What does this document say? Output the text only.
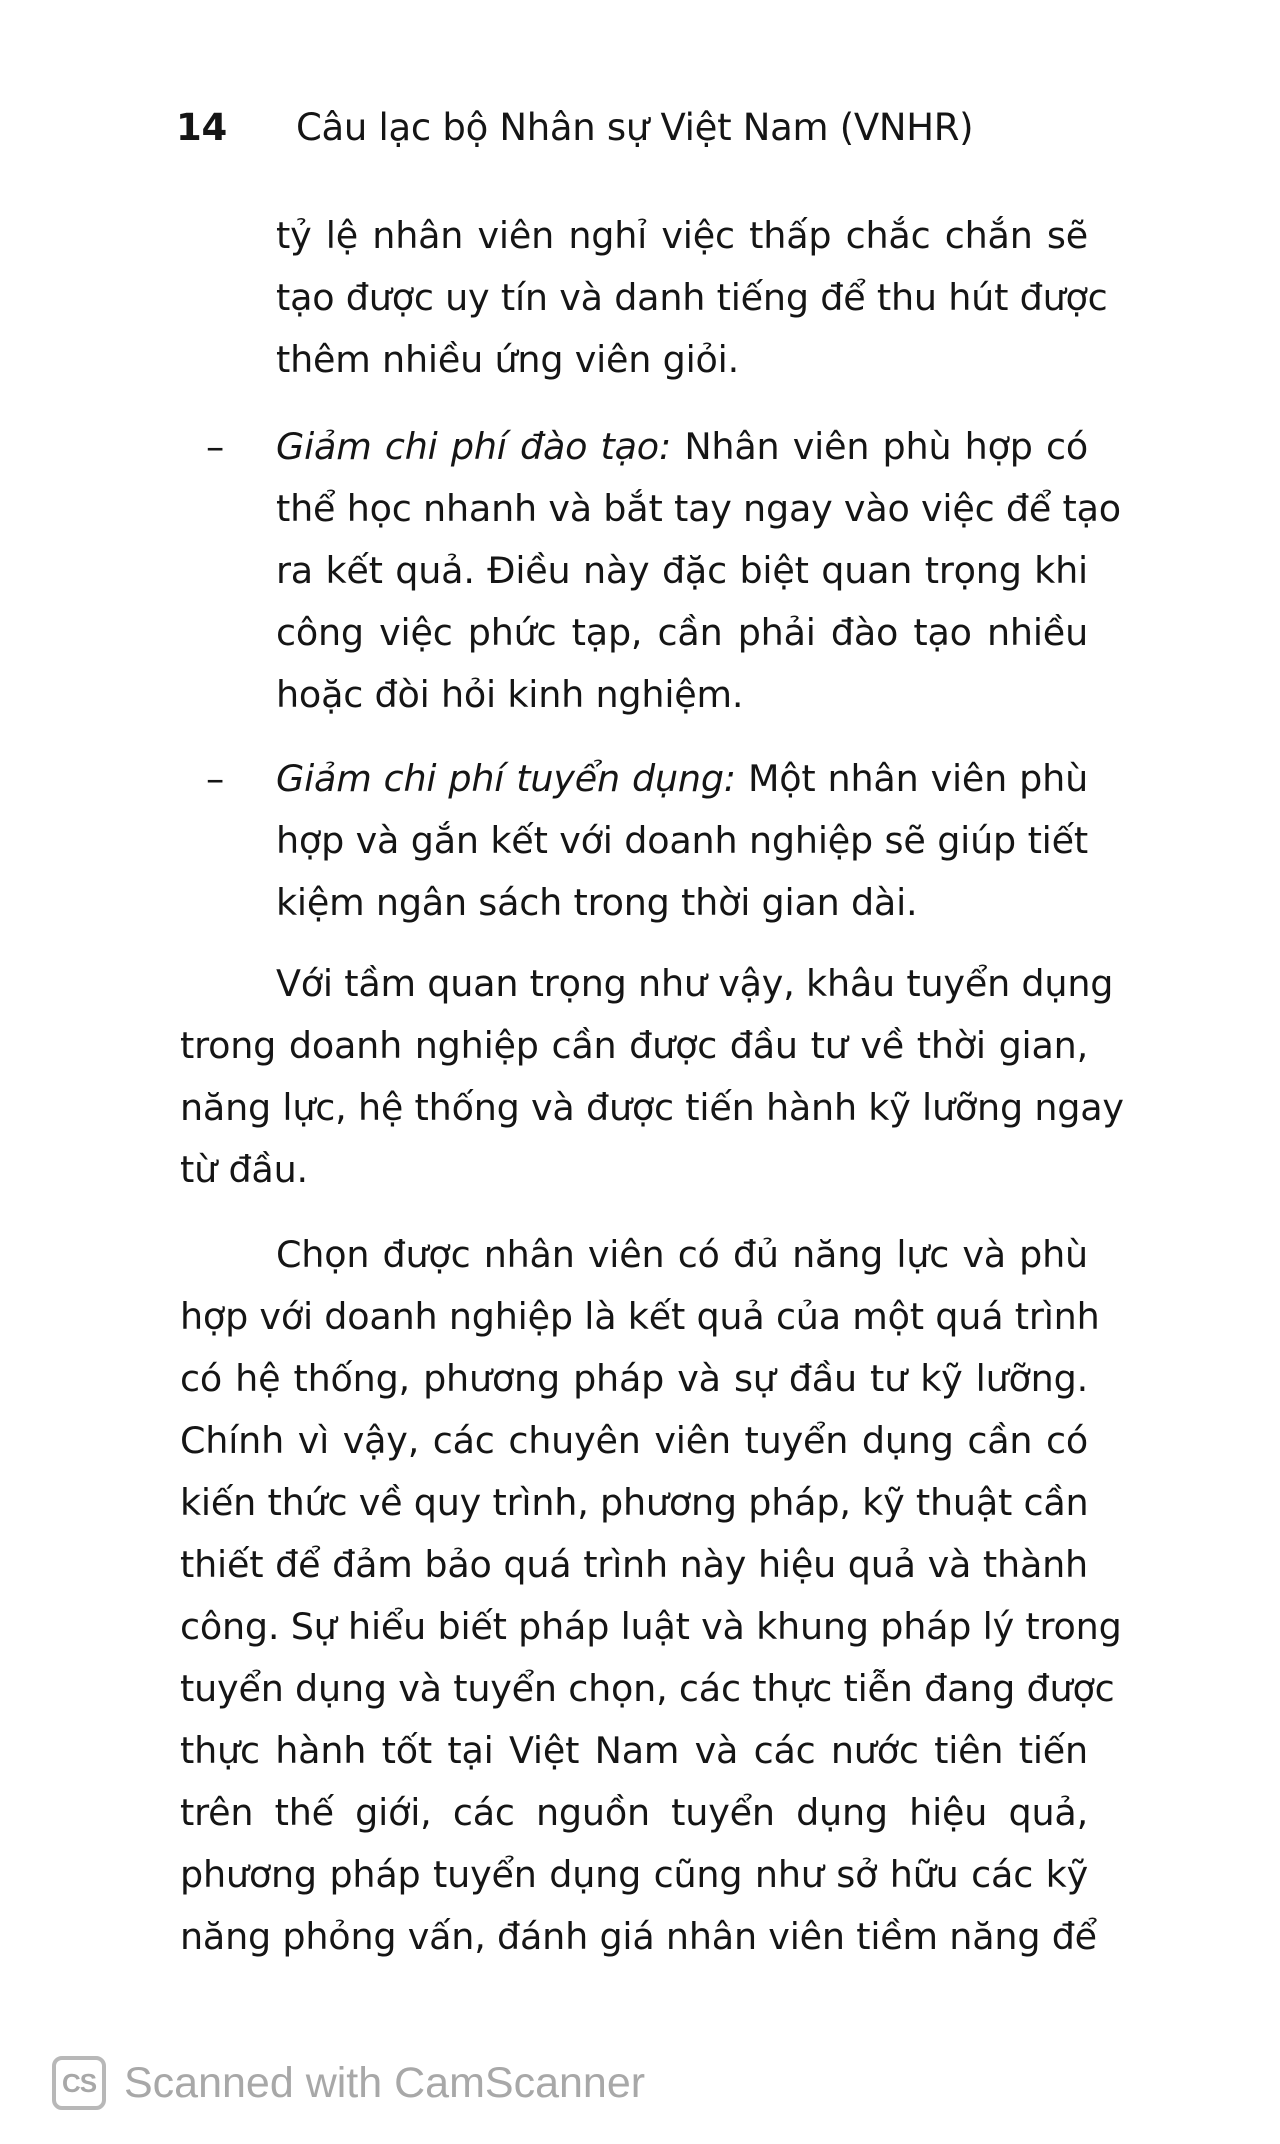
14	Câu lạc bộ Nhân sự Việt Nam (VNHR)
tỷ lệ nhân viên nghỉ việc thấp chắc chắn sẽ
tạo được uy tín và danh tiếng để thu hút được
thêm nhiều ứng viên giỏi.
– Giảm chi phí đào tạo: Nhân viên phù hợp có
thể học nhanh và bắt tay ngay vào việc để tạo
ra kết quả. Điều này đặc biệt quan trọng khi
công việc phức tạp, cần phải đào tạo nhiều
hoặc đòi hỏi kinh nghiệm.
– Giảm chi phí tuyển dụng: Một nhân viên phù
hợp và gắn kết với doanh nghiệp sẽ giúp tiết
kiệm ngân sách trong thời gian dài.
Với tầm quan trọng như vậy, khâu tuyển dụng
trong doanh nghiệp cần được đầu tư về thời gian,
năng lực, hệ thống và được tiến hành kỹ lưỡng ngay
từ đầu.
Chọn được nhân viên có đủ năng lực và phù
hợp với doanh nghiệp là kết quả của một quá trình
có hệ thống, phương pháp và sự đầu tư kỹ lưỡng.
Chính vì vậy, các chuyên viên tuyển dụng cần có
kiến thức về quy trình, phương pháp, kỹ thuật cần
thiết để đảm bảo quá trình này hiệu quả và thành
công. Sự hiểu biết pháp luật và khung pháp lý trong
tuyển dụng và tuyển chọn, các thực tiễn đang được
thực hành tốt tại Việt Nam và các nước tiên tiến
trên thế giới, các nguồn tuyển dụng hiệu quả,
phương pháp tuyển dụng cũng như sở hữu các kỹ
năng phỏng vấn, đánh giá nhân viên tiềm năng để
CS Scanned with CamScanner
